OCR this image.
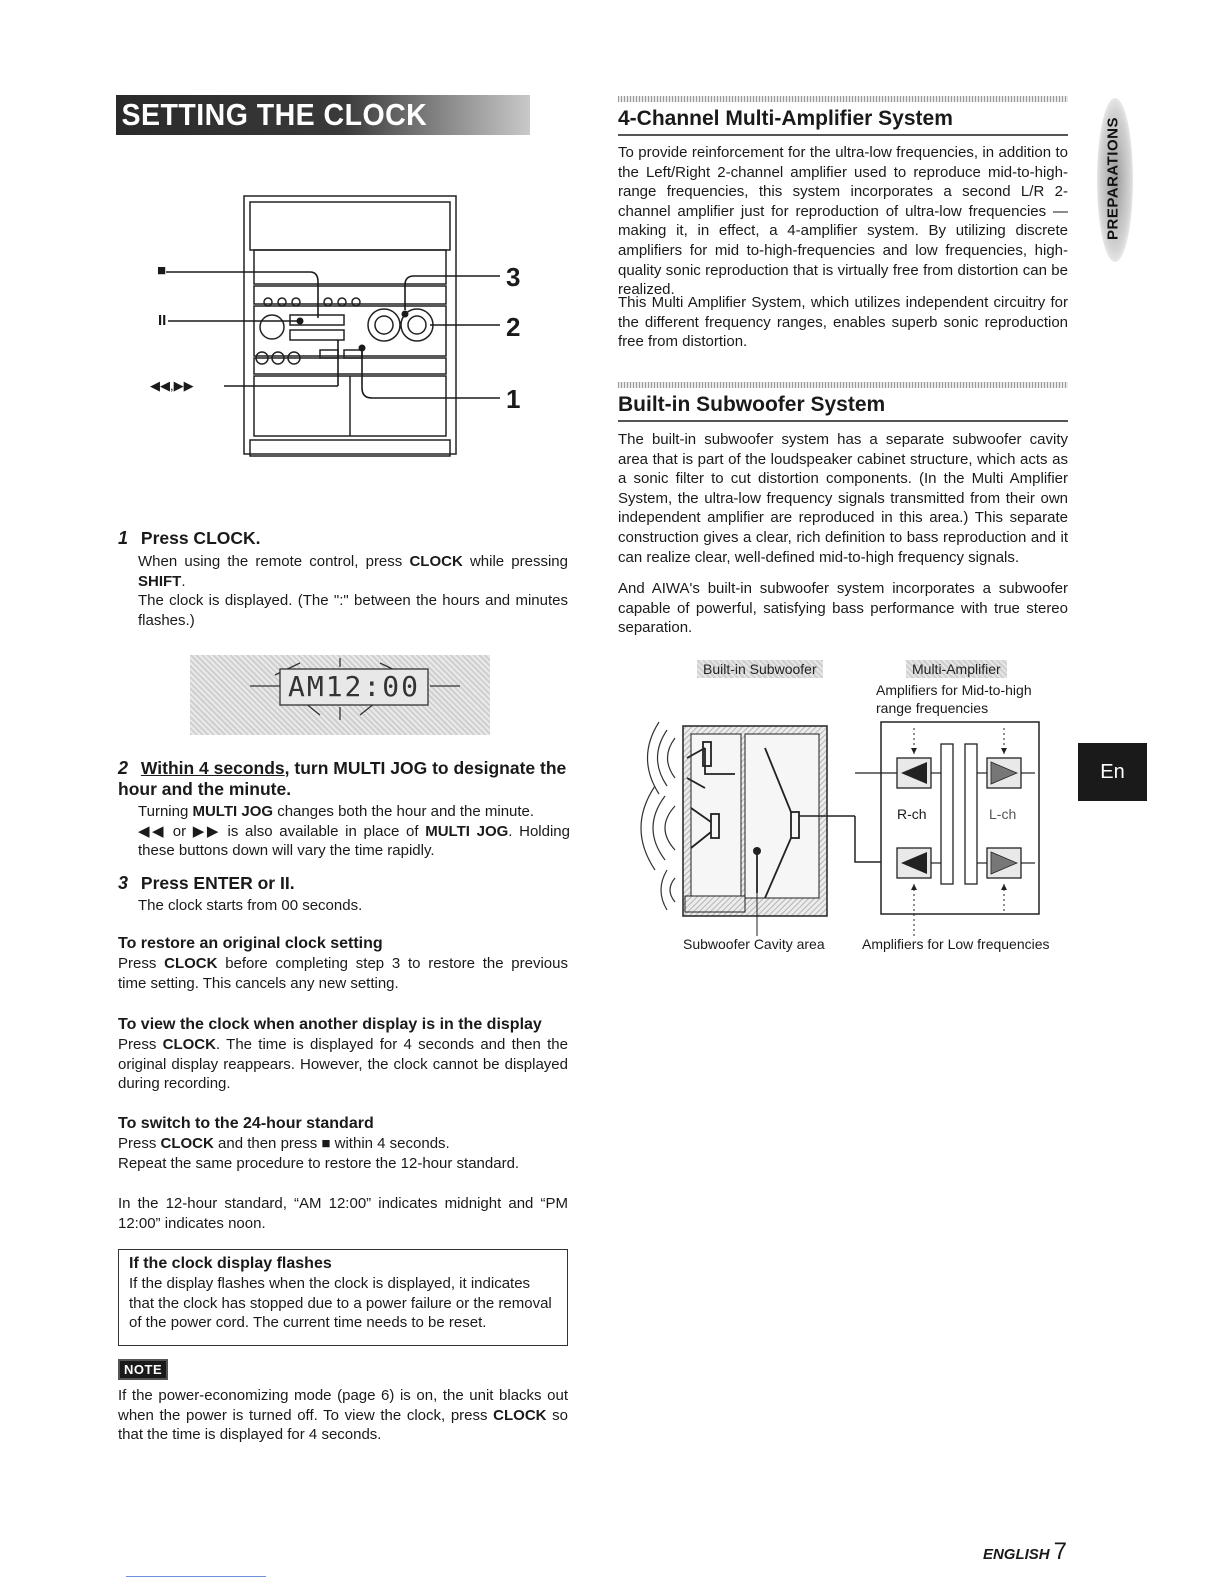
SETTING THE CLOCK
■
II
◀◀,▶▶
3
2
1
1 Press CLOCK.
When using the remote control, press CLOCK while pressing SHIFT.
The clock is displayed. (The ":" between the hours and minutes flashes.)
AM12:00
2 Within 4 seconds, turn MULTI JOG to designate the hour and the minute.
Turning MULTI JOG changes both the hour and the minute.
◀◀ or ▶▶ is also available in place of MULTI JOG. Holding these buttons down will vary the time rapidly.
3 Press ENTER or II.
The clock starts from 00 seconds.
To restore an original clock setting
Press CLOCK before completing step 3 to restore the previous time setting. This cancels any new setting.
To view the clock when another display is in the display
Press CLOCK. The time is displayed for 4 seconds and then the original display reappears. However, the clock cannot be displayed during recording.
To switch to the 24-hour standard
Press CLOCK and then press ■ within 4 seconds.
Repeat the same procedure to restore the 12-hour standard.
In the 12-hour standard, “AM 12:00” indicates midnight and “PM 12:00” indicates noon.
If the clock display flashes
If the display flashes when the clock is displayed, it indicates that the clock has stopped due to a power failure or the removal of the power cord. The current time needs to be reset.
NOTE
If the power-economizing mode (page 6) is on, the unit blacks out when the power is turned off. To view the clock, press CLOCK so that the time is displayed for 4 seconds.
4-Channel Multi-Amplifier System
To provide reinforcement for the ultra-low frequencies, in addition to the Left/Right 2-channel amplifier used to reproduce mid-to-high-range frequencies, this system incorporates a second L/R 2-channel amplifier just for reproduction of ultra-low frequencies — making it, in effect, a 4-amplifier system. By utilizing discrete amplifiers for mid to-high-frequencies and low frequencies, high-quality sonic reproduction that is virtually free from distortion can be realized.
This Multi Amplifier System, which utilizes independent circuitry for the different frequency ranges, enables superb sonic reproduction free from distortion.
Built-in Subwoofer System
The built-in subwoofer system has a separate subwoofer cavity area that is part of the loudspeaker cabinet structure, which acts as a sonic filter to cut distortion components. (In the Multi Amplifier System, the ultra-low frequency signals transmitted from their own independent amplifier are reproduced in this area.) This separate construction gives a clear, rich definition to bass reproduction and it can realize clear, well-defined mid-to-high frequency signals.
And AIWA's built-in subwoofer system incorporates a subwoofer capable of powerful, satisfying bass performance with true stereo separation.
Built-in Subwoofer	Multi-Amplifier
Amplifiers for Mid-to-high range frequencies
R-ch	L-ch
Subwoofer Cavity area	Amplifiers for Low frequencies
PREPARATIONS
En
ENGLISH 7
